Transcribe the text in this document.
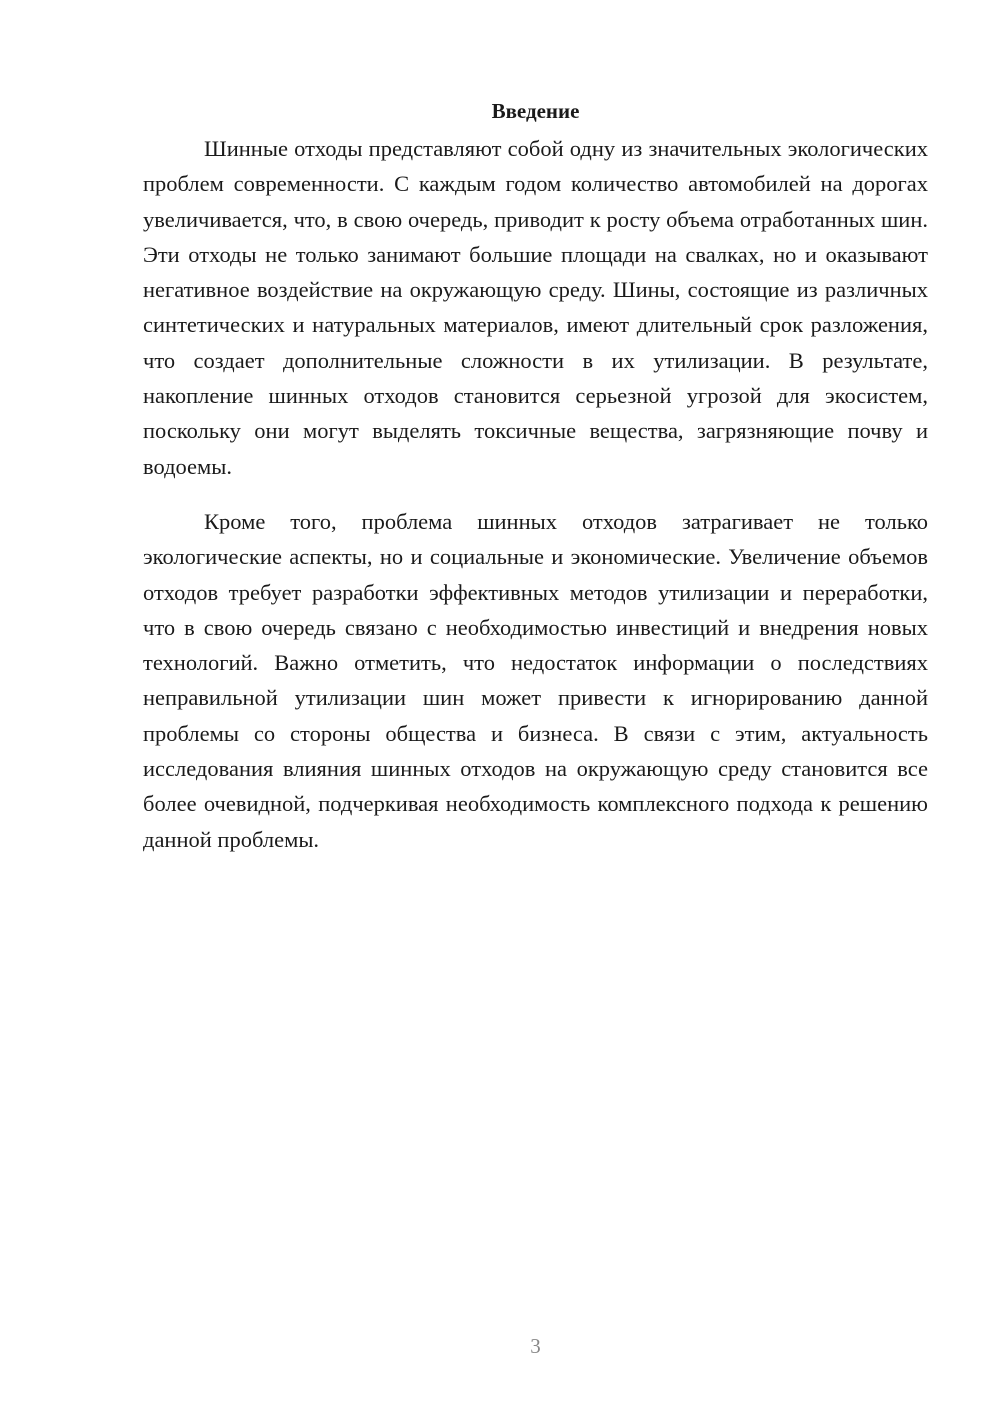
Введение

Шинные отходы представляют собой одну из значительных экологических проблем современности. С каждым годом количество автомобилей на дорогах увеличивается, что, в свою очередь, приводит к росту объема отработанных шин. Эти отходы не только занимают большие площади на свалках, но и оказывают негативное воздействие на окружающую среду. Шины, состоящие из различных синтетических и натуральных материалов, имеют длительный срок разложения, что создает дополнительные сложности в их утилизации. В результате, накопление шинных отходов становится серьезной угрозой для экосистем, поскольку они могут выделять токсичные вещества, загрязняющие почву и водоемы.

Кроме того, проблема шинных отходов затрагивает не только экологические аспекты, но и социальные и экономические. Увеличение объемов отходов требует разработки эффективных методов утилизации и переработки, что в свою очередь связано с необходимостью инвестиций и внедрения новых технологий. Важно отметить, что недостаток информации о последствиях неправильной утилизации шин может привести к игнорированию данной проблемы со стороны общества и бизнеса. В связи с этим, актуальность исследования влияния шинных отходов на окружающую среду становится все более очевидной, подчеркивая необходимость комплексного подхода к решению данной проблемы.

3
